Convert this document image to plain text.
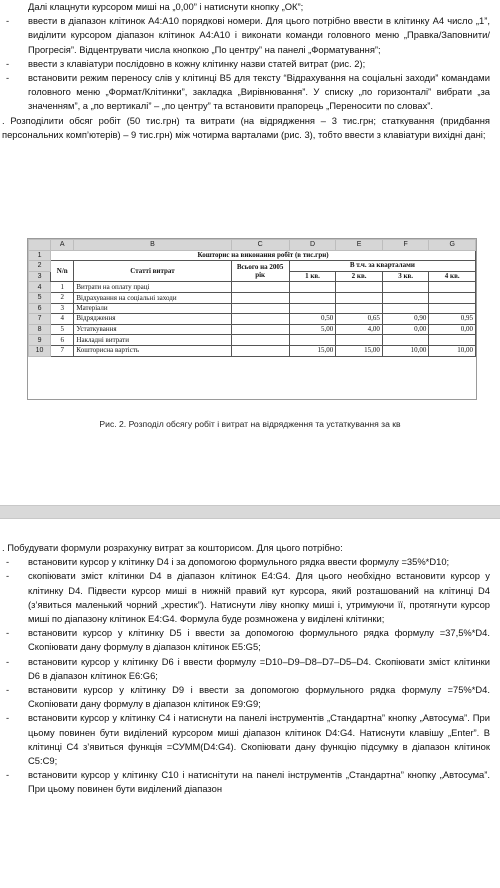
Далі клацнути курсором миші на „0,00” і натиснути кнопку „ОК”;
- ввести в діапазон клітинок A4:A10 порядкові номери. Для цього потрібно ввести в клітинку А4 число „1”, виділити курсором діапазон клітинок A4:A10 і виконати команди головного меню „Правка/Заповнити/Прогресія”. Відцентрувати числа кнопкою „По центру” на панелі „Форматування”;
- ввести з клавіатури послідовно в кожну клітинку назви статей витрат (рис. 2);
- встановити режим переносу слів у клітинці B5 для тексту “Відрахування на соціальні заходи” командами головного меню „Формат/Клітинки”, закладка „Вирівнювання”. У списку „по горизонталі” вибрати „за значенням”, а „по вертикалі” – „по центру” та встановити прапорець „Переносити по словах”.
. Розподілити обсяг робіт (50 тис.грн) та витрати (на відрядження – 3 тис.грн; статкування (придбання персональних комп’ютерів) – 9 тис.грн) між чотирма варталами (рис. 3), тобто ввести з клавіатури вихідні дані;
	A	B	C	D	E	F	G
1	Кошторис на виконання робіт (в тис.грн)						
2	N/n	Статті витрат	Всього на 2005 рік	В т.ч. за кварталами			
3				1 кв.	2 кв.	3 кв.	4 кв.
4	1	Витрати на оплату праці					
5	2	Відрахування на соціальні заходи					
6	3	Матеріали					
7	4	Відрядження		0,50	0,65	0,90	0,95
8	5	Устаткування		5,00	4,00	0,00	0,00
9	6	Накладні витрати					
10	7	Кошторисна вартість		15,00	15,00	10,00	10,00
Рис. 2. Розподіл обсягу робіт і витрат на відрядження та устаткування за кв
. Побудувати формули розрахунку витрат за кошторисом. Для цього потрібно:
- встановити курсор у клітинку D4 і за допомогою формульного рядка ввести формулу =35%*D10;
- скопіювати зміст клітинки D4 в діапазон клітинок E4:G4. Для цього необхідно встановити курсор у клітинку D4. Підвести курсор миші в нижній правий кут курсора, який розташований на клітинці D4 (з’явиться маленький чорний „хрестик”). Натиснути ліву кнопку миші і, утримуючи її, протягнути курсор миші по діапазону клітинок E4:G4. Формула буде розмножена у виділені клітинки;
- встановити курсор у клітинку D5 і ввести за допомогою формульного рядка формулу =37,5%*D4. Скопіювати дану формулу в діапазон клітинок E5:G5;
- встановити курсор у клітинку D6 і ввести формулу =D10–D9–D8–D7–D5–D4. Скопіювати зміст клітинки D6 в діапазон клітинок E6:G6;
- встановити курсор у клітинку D9 і ввести за допомогою формульного рядка формулу =75%*D4. Скопіювати дану формулу в діапазон клітинок E9:G9;
- встановити курсор у клітинку C4 і натиснути на панелі інструментів „Стандартна” кнопку „Автосума”. При цьому повинен бути виділений курсором миші діапазон клітинок D4:G4. Натиснути клавішу „Enter”. В клітинці С4 з’явиться функція =СУММ(D4:G4). Скопіювати дану функцію підсумку в діапазон клітинок C5:C9;
- встановити курсор у клітинку C10 і натиснітути на панелі інструментів „Стандартна” кнопку „Автосума”. При цьому повинен бути виділений діапазон
